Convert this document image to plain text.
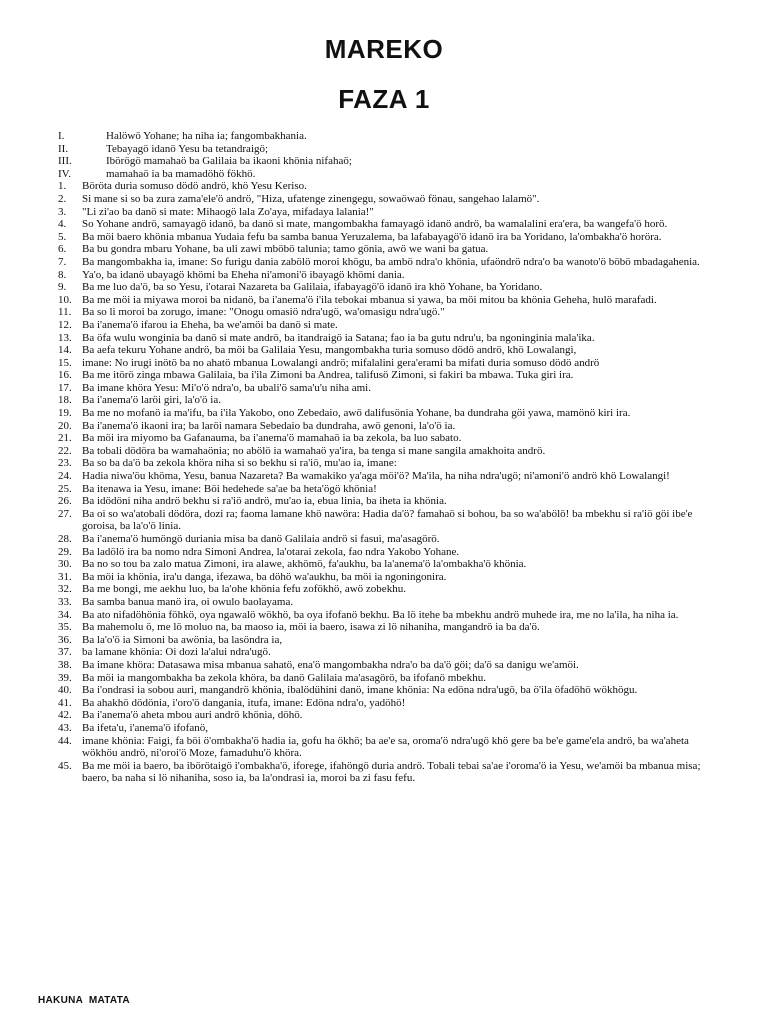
MAREKO
FAZA 1
I.	Halöwö Yohane; ha niha ia; fangombakhania.
II.	Tebayagö idanö Yesu ba tetandraigö;
III.	Ibörögö mamahaö ba Galilaia ba ikaoni khönia nifahaö;
IV.	mamahaö ia ba mamadöhö fökhö.
1.	Böröta duria somuso dödö andrö, khö Yesu Keriso.
2.	Si mane si so ba zura zama'ele'ö andrö, "Hiza, ufatenge zinengegu, sowaöwaö fönau, sangehao lalamö".
3.	"Li zi'ao ba danö si mate: Mihaogö lala Zo'aya, mifadaya lalania!"
4.	So Yohane andrö, samayagö idanö, ba danö si mate, mangombakha famayagö idanö andrö, ba wamalalini era'era, ba wangefa'ö horö.
5.	Ba möi baero khönia mbanua Yudaia fefu ba samba banua Yeruzalema, ba lafabayagö'ö idanö ira ba Yoridano, la'ombakha'ö horöra.
6.	Ba bu gondra mbaru Yohane, ba uli zawi mböbö talunia; tamo gönia, awö we wani ba gatua.
7.	Ba mangombakha ia, imane: So furigu dania zabölö moroi khögu, ba ambö ndra'o khönia, ufaöndrö ndra'o ba wanoto'ö böbö mbadagahenia.
8.	Ya'o, ba idanö ubayagö khömi ba Eheha ni'amoni'ö ibayagö khömi dania.
9.	Ba me luo da'ö, ba so Yesu, i'otarai Nazareta ba Galilaia, ifabayagö'ö idanö ira khö Yohane, ba Yoridano.
10. Ba me möi ia miyawa moroi ba nidanö, ba i'anema'ö i'ila tebokai mbanua si yawa, ba möi mitou ba khönia Geheha, hulö marafadi.
11. Ba so li moroi ba zorugo, imane: "Onogu omasiö ndra'ugö, wa'omasigu ndra'ugö."
12. Ba i'anema'ö ifarou ia Eheha, ba we'amöi ba danö si mate.
13. Ba öfa wulu wonginia ba danö si mate andrö, ba itandraigö ia Satana; fao ia ba gutu ndru'u, ba ngoninginia mala'ika.
14. Ba aefa tekuru Yohane andrö, ba möi ba Galilaia Yesu, mangombakha turia somuso dödö andrö, khö Lowalangi,
15. imane: No irugi inötö ba no ahatö mbanua Lowalangi andrö; mifalalini gera'erami ba mifati duria somuso dödö andrö
16. Ba me itörö zinga mbawa Galilaia, ba i'ila Zimoni ba Andrea, talifusö Zimoni, si fakiri ba mbawa. Tuka giri ira.
17. Ba imane khöra Yesu: Mi'o'ö ndra'o, ba ubali'ö sama'u'u niha ami.
18. Ba i'anema'ö laröi giri, la'o'ö ia.
19. Ba me no mofanö ia ma'ifu, ba i'ila Yakobo, ono Zebedaio, awö dalifusönia Yohane, ba dundraha göi yawa, mamönö kiri ira.
20. Ba i'anema'ö ikaoni ira; ba laröi namara Sebedaio ba dundraha, awö genoni, la'o'ö ia.
21. Ba möi ira miyomo ba Gafanauma, ba i'anema'ö mamahaö ia ba zekola, ba luo sabato.
22. Ba tobali dödöra ba wamahaönia; no abölö ia wamahaö ya'ira, ba tenga si mane sangila amakhoita andrö.
23. Ba so ba da'ö ba zekola khöra niha si so bekhu si ra'iö, mu'ao ia, imane:
24. Hadia niwa'öu khöma, Yesu, banua Nazareta? Ba wamakiko ya'aga möi'ö? Ma'ila, ha niha ndra'ugö; ni'amoni'ö andrö khö Lowalangi!
25. Ba itenawa ia Yesu, imane: Böi hedehede sa'ae ba heta'ögö khönia!
26. Ba idödöni niha andrö bekhu si ra'iö andrö, mu'ao ia, ebua linia, ba iheta ia khönia.
27. Ba oi so wa'atobali dödöra, dozi ra; faoma lamane khö nawöra: Hadia da'ö? famahaö si bohou, ba so wa'abölö! ba mbekhu si ra'iö göi ibe'e goroisa, ba la'o'ö linia.
28. Ba i'anema'ö humöngö duriania misa ba danö Galilaia andrö si fasui, ma'asagörö.
29. Ba ladölö ira ba nomo ndra Simoni Andrea, la'otarai zekola, fao ndra Yakobo Yohane.
30. Ba no so tou ba zalo matua Zimoni, ira alawe, akhömö, fa'aukhu, ba la'anema'ö la'ombakha'ö khönia.
31. Ba möi ia khönia, ira'u danga, ifezawa, ba döhö wa'aukhu, ba möi ia ngoningonira.
32. Ba me bongi, me aekhu luo, ba la'ohe khönia fefu zofökhö, awö zobekhu.
33. Ba samba banua manö ira, oi owulo baolayama.
34. Ba ato nifadöhönia föhkö, oya ngawalö wökhö, ba oya ifofanö bekhu. Ba lö itehe ba mbekhu andrö muhede ira, me no la'ila, ha niha ia.
35. Ba mahemolu ö, me lö moluo na, ba maoso ia, möi ia baero, isawa zi lö nihaniha, mangandrö ia ba da'ö.
36. Ba la'o'ö ia Simoni ba awönia, ba lasöndra ia,
37. ba lamane khönia: Oi dozi la'alui ndra'ugö.
38. Ba imane khöra: Datasawa misa mbanua sahatö, ena'ö mangombakha ndra'o ba da'ö göi; da'ö sa danigu we'amöi.
39. Ba möi ia mangombakha ba zekola khöra, ba danö Galilaia ma'asagörö, ba ifofanö mbekhu.
40. Ba i'ondrasi ia sobou auri, mangandrö khönia, ibalödühini danö, imane khönia: Na edöna ndra'ugö, ba ö'ila öfadöhö wökhögu.
41. Ba ahakhö dödönia, i'oro'ö dangania, itufa, imane: Edöna ndra'o, yadöhö!
42. Ba i'anema'ö aheta mbou auri andrö khönia, döhö.
43. Ba ifeta'u, i'anema'ö ifofanö,
44. imane khönia: Faigi, fa böi ö'ombakha'ö hadia ia, gofu ha ökhö; ba ae'e sa, oroma'ö ndra'ugö khö gere ba be'e game'ela andrö, ba wa'aheta wökhöu andrö, ni'oroi'ö Moze, famaduhu'ö khöra.
45. Ba me möi ia baero, ba ibörötaigö i'ombakha'ö, iforege, ifahöngö duria andrö. Tobali tebai sa'ae i'oroma'ö ia Yesu, we'amöi ba mbanua misa; baero, ba naha si lö nihaniha, soso ia, ba la'ondrasi ia, moroi ba zi fasu fefu.
HAKUNA MATATA
